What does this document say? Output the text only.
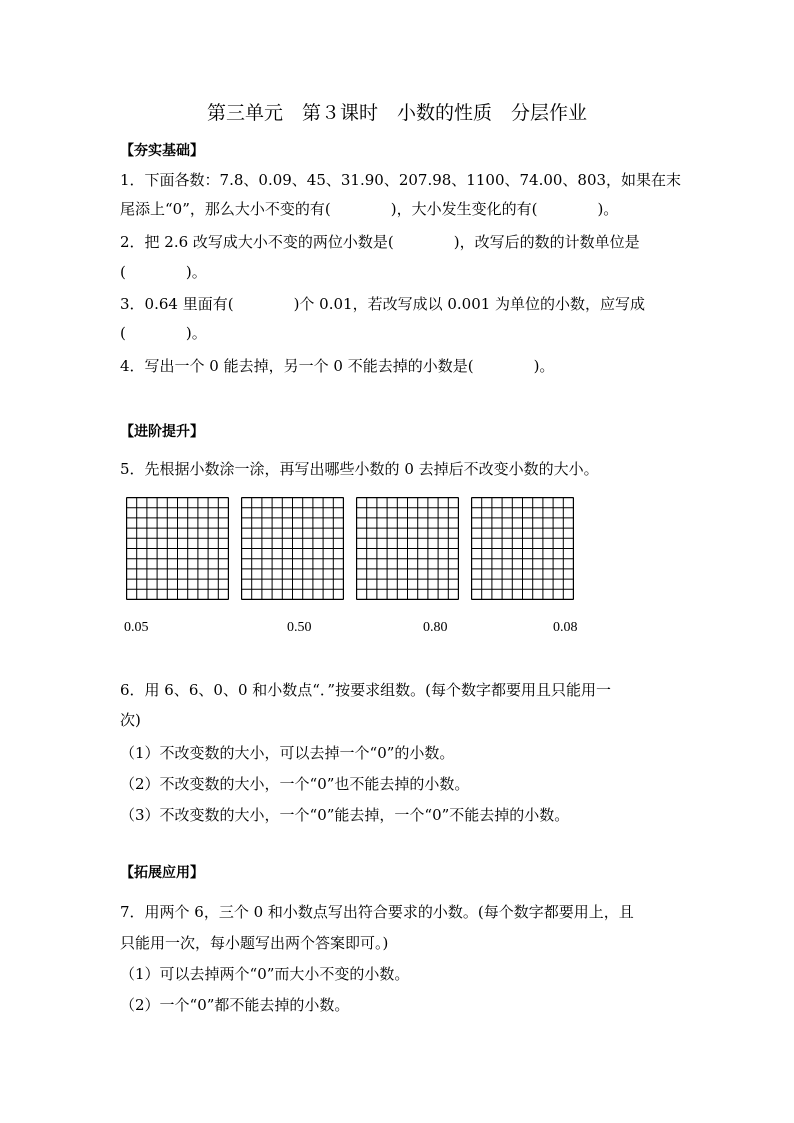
第三单元　第３课时　小数的性质　分层作业
【夯实基础】
1．下面各数：7.8、0.09、45、31.90、207.98、1100、74.00、803，如果在末
尾添上“0”，那么大小不变的有(	)，大小发生变化的有(	)。
2．把 2.6 改写成大小不变的两位小数是(	)，改写后的数的计数单位是
(	)。
3．0.64 里面有(	)个 0.01，若改写成以 0.001 为单位的小数，应写成
(	)。
4．写出一个 0 能去掉，另一个 0 不能去掉的小数是(	)。
【进阶提升】
5．先根据小数涂一涂，再写出哪些小数的 0 去掉后不改变小数的大小。
0.05	0.50	0.80	0.08
6．用 6、6、0、0 和小数点“．”按要求组数。(每个数字都要用且只能用一
次)
（1）不改变数的大小，可以去掉一个“0”的小数。
（2）不改变数的大小，一个“0”也不能去掉的小数。
（3）不改变数的大小，一个“0”能去掉，一个“0”不能去掉的小数。
【拓展应用】
7．用两个 6，三个 0 和小数点写出符合要求的小数。(每个数字都要用上，且
只能用一次，每小题写出两个答案即可。)
（1）可以去掉两个“0”而大小不变的小数。
（2）一个“0”都不能去掉的小数。
